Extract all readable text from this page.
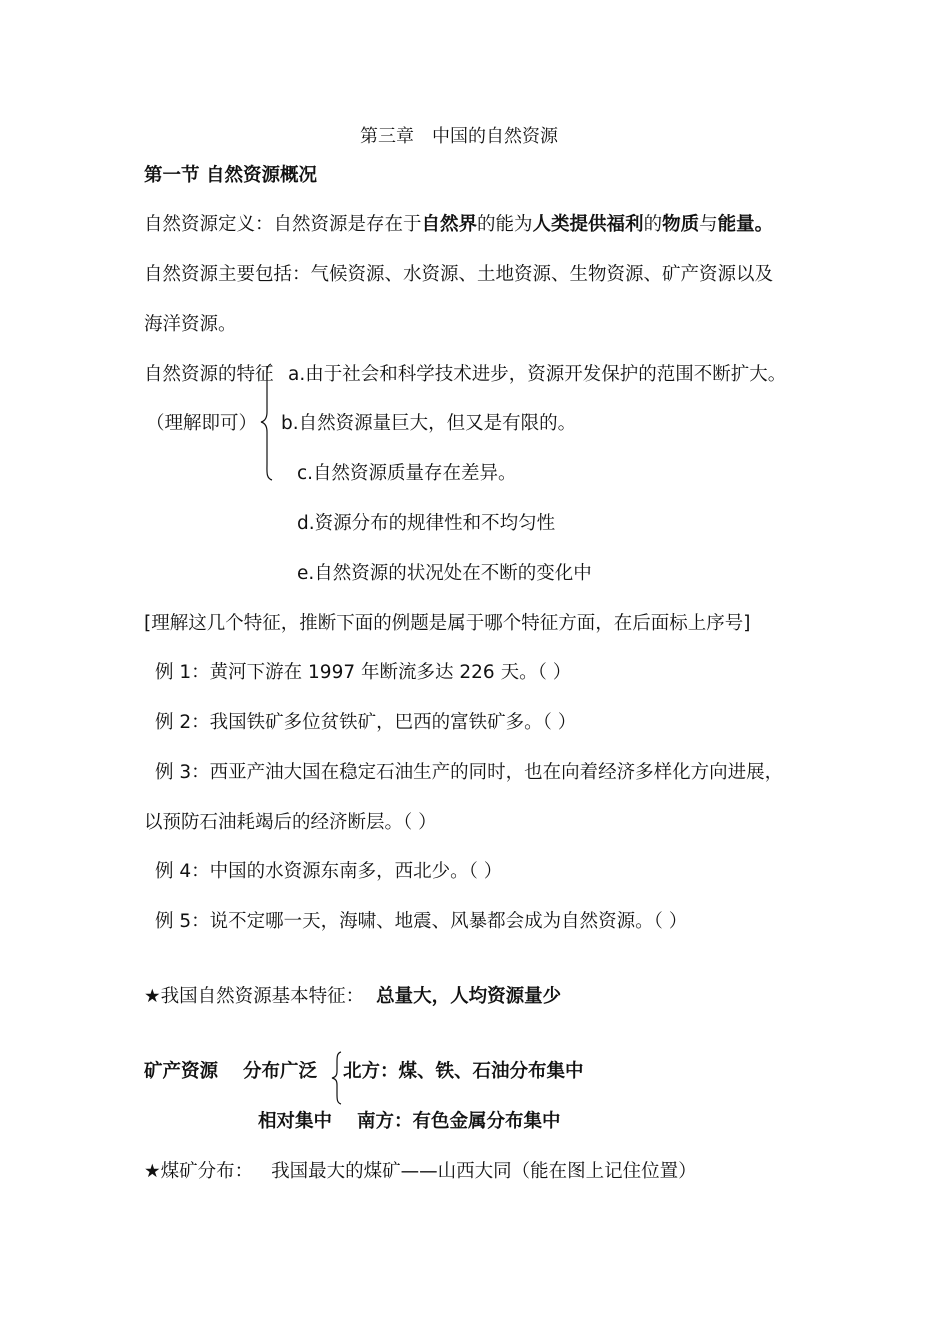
第三章　中国的自然资源
第一节 自然资源概况
自然资源定义：自然资源是存在于自然界的能为人类提供福利的物质与能量。
自然资源主要包括：气候资源、水资源、土地资源、生物资源、矿产资源以及
海洋资源。
自然资源的特征
（理解即可）
a.由于社会和科学技术进步，资源开发保护的范围不断扩大。
b.自然资源量巨大，但又是有限的。
c.自然资源质量存在差异。
d.资源分布的规律性和不均匀性
e.自然资源的状况处在不断的变化中
[理解这几个特征，推断下面的例题是属于哪个特征方面，在后面标上序号]
例 1：黄河下游在 1997 年断流多达 226 天。（ ）
例 2：我国铁矿多位贫铁矿，巴西的富铁矿多。（ ）
例 3：西亚产油大国在稳定石油生产的同时，也在向着经济多样化方向进展，
以预防石油耗竭后的经济断层。（ ）
例 4：中国的水资源东南多，西北少。（ ）
例 5：说不定哪一天，海啸、地震、风暴都会成为自然资源。（ ）
★我国自然资源基本特征： 总量大，人均资源量少
矿产资源 分布广泛 北方：煤、铁、石油分布集中
相对集中 南方：有色金属分布集中
★煤矿分布： 我国最大的煤矿——山西大同（能在图上记住位置）
